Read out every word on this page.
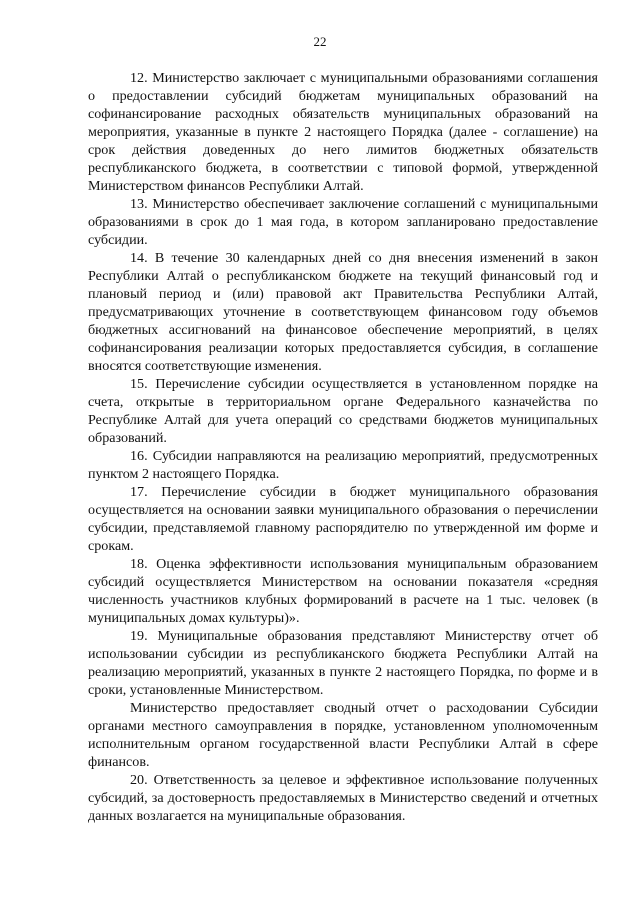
22

12. Министерство заключает с муниципальными образованиями соглашения о предоставлении субсидий бюджетам муниципальных образований на софинансирование расходных обязательств муниципальных образований на мероприятия, указанные в пункте 2 настоящего Порядка (далее - соглашение) на срок действия доведенных до него лимитов бюджетных обязательств республиканского бюджета, в соответствии с типовой формой, утвержденной Министерством финансов Республики Алтай.

13. Министерство обеспечивает заключение соглашений с муниципальными образованиями в срок до 1 мая года, в котором запланировано предоставление субсидии.

14. В течение 30 календарных дней со дня внесения изменений в закон Республики Алтай о республиканском бюджете на текущий финансовый год и плановый период и (или) правовой акт Правительства Республики Алтай, предусматривающих уточнение в соответствующем финансовом году объемов бюджетных ассигнований на финансовое обеспечение мероприятий, в целях софинансирования реализации которых предоставляется субсидия, в соглашение вносятся соответствующие изменения.

15. Перечисление субсидии осуществляется в установленном порядке на счета, открытые в территориальном органе Федерального казначейства по Республике Алтай для учета операций со средствами бюджетов муниципальных образований.

16. Субсидии направляются на реализацию мероприятий, предусмотренных пунктом 2 настоящего Порядка.

17. Перечисление субсидии в бюджет муниципального образования осуществляется на основании заявки муниципального образования о перечислении субсидии, представляемой главному распорядителю по утвержденной им форме и срокам.

18. Оценка эффективности использования муниципальным образованием субсидий осуществляется Министерством на основании показателя «средняя численность участников клубных формирований в расчете на 1 тыс. человек (в муниципальных домах культуры)».

19. Муниципальные образования представляют Министерству отчет об использовании субсидии из республиканского бюджета Республики Алтай на реализацию мероприятий, указанных в пункте 2 настоящего Порядка, по форме и в сроки, установленные Министерством.

Министерство предоставляет сводный отчет о расходовании Субсидии органами местного самоуправления в порядке, установленном уполномоченным исполнительным органом государственной власти Республики Алтай в сфере финансов.

20. Ответственность за целевое и эффективное использование полученных субсидий, за достоверность предоставляемых в Министерство сведений и отчетных данных возлагается на муниципальные образования.
